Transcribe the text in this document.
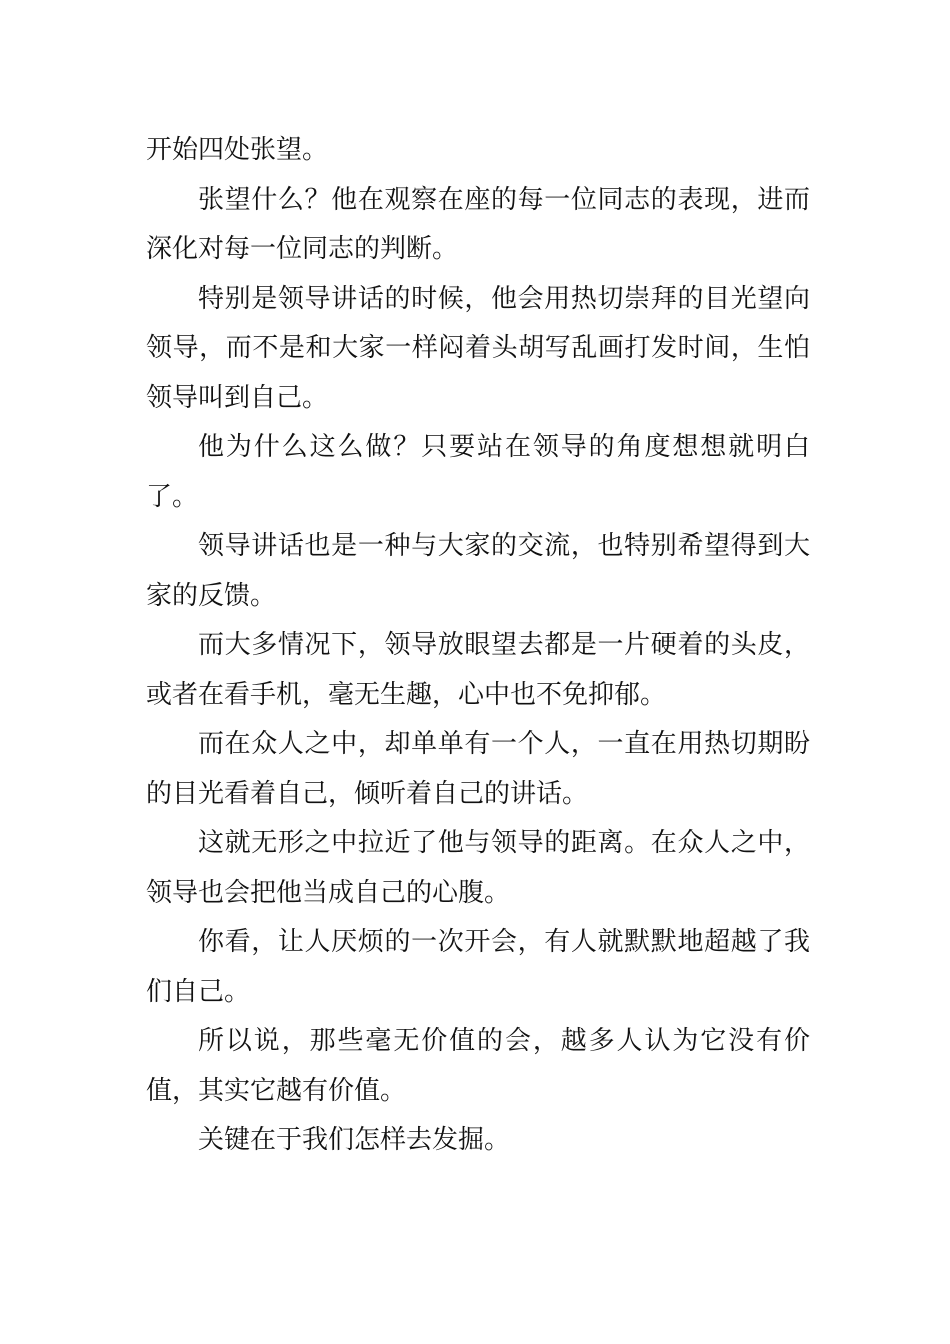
开始四处张望。

张望什么？他在观察在座的每一位同志的表现，进而深化对每一位同志的判断。

特别是领导讲话的时候，他会用热切崇拜的目光望向领导，而不是和大家一样闷着头胡写乱画打发时间，生怕领导叫到自己。

他为什么这么做？只要站在领导的角度想想就明白了。

领导讲话也是一种与大家的交流，也特别希望得到大家的反馈。

而大多情况下，领导放眼望去都是一片硬着的头皮，或者在看手机，毫无生趣，心中也不免抑郁。

而在众人之中，却单单有一个人，一直在用热切期盼的目光看着自己，倾听着自己的讲话。

这就无形之中拉近了他与领导的距离。在众人之中，领导也会把他当成自己的心腹。

你看，让人厌烦的一次开会，有人就默默地超越了我们自己。

所以说，那些毫无价值的会，越多人认为它没有价值，其实它越有价值。

关键在于我们怎样去发掘。
